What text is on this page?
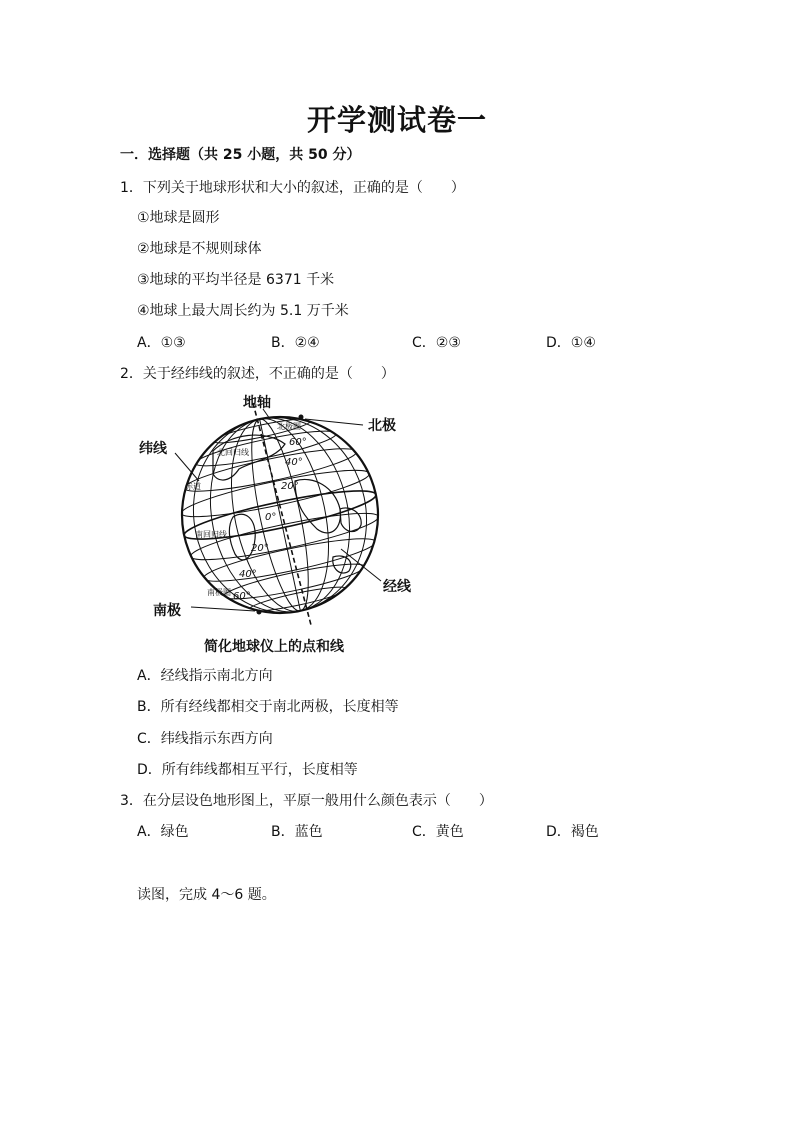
开学测试卷一
一．选择题（共 25 小题，共 50 分）
1．下列关于地球形状和大小的叙述，正确的是（　　）
①地球是圆形
②地球是不规则球体
③地球的平均半径是 6371 千米
④地球上最大周长约为 5.1 万千米
A．①③	B．②④	C．②③	D．①④
2．关于经纬线的叙述，不正确的是（　　）
地轴
北极
纬线
经线
南极
北极圈
北回归线
赤道
南回归线
南极圈
60°
40°
20°
0°
20°
40°
60°
简化地球仪上的点和线
A．经线指示南北方向
B．所有经线都相交于南北两极，长度相等
C．纬线指示东西方向
D．所有纬线都相互平行，长度相等
3．在分层设色地形图上，平原一般用什么颜色表示（　　）
A．绿色	B．蓝色	C．黄色	D．褐色
读图，完成 4～6 题。
